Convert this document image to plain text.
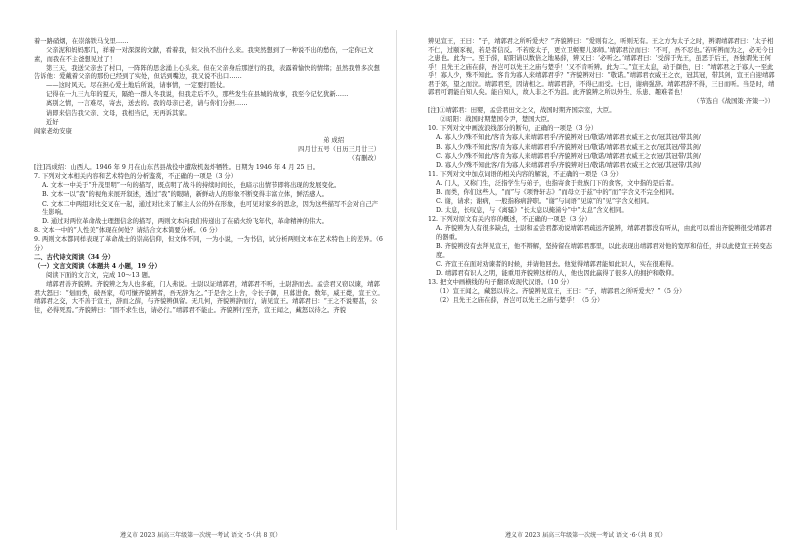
着一路硝烟，在崇落铁马戈里……

父亲泥和妈妈那几，祥着一对深深的文献，看着我，但父执不出什么来。我突然想到了一种说不出的愁伤，一定你已文素，而我在不主爸想见过了！

第三天，我送父亲去了村口，一阵阵的思念涌上心头来。但在父亲身后那逆行的我，表露着愉快的情绪；虽然我曾多次想告诉他：爱戴着父亲的那份已经到了实处，但话到嘴边，我又说不出口……

——这时风天。尽在担心爱土地后所说，请事情，一定要打胜仗。

记得在一九三九年的夏天，隔绝一群人冬我说，但我走后不久，那些发生在县城的故事，我至今记忆犹新……

离别之情，一言难尽，寄去，送去的。我的母亲已老，请与你们分担……

请即来信告我父亲、文母，我相当记，无再诉其家。

近好

阎家老幼安康

弟 成绍

四月廿五号（日历三月廿三）

（有删改）

[注]冯成绍：山西人。1946 年 9 月在山东莒县战役中遭敌机轰炸牺牲。日期为 1946 年 4 月 25 日。

7. 下列对文本相关内容和艺术特色的分析鉴赏，不正确的一项是（3 分）

A. 文本一中关于“升茂里明”一句的描写，既点明了战斗的持续时间长，也暗示出情节即将出现的发展变化。

B. 文本一以“我”的视角来展开叙述，透过“我”的眼睛，新鲜动人的形象不断变得丰富立体，鲜活感人。

C. 文本二中两组对比交叉在一起，通过对比来了解主人公的外在形象，也可见对家乡的思念，因为这些描写不会对自己产生影响。

D. 通过对两位革命战士理想信念的描写，两则文本向我们传递出了在硝火纷飞年代，革命精神的伟大。

8. 文本一中的“人性美”体现在何处？请结合文本简要分析。（6 分）

9. 两则文本都同样表现了革命战士的崇高信仰，但文体不同，一为小说，一为书信，试分析两则文本在艺术特色上的差异。（6 分）

二、古代诗文阅读（34 分）

（一）文言文阅读（本题共 4 小题，19 分）

阅读下面的文言文，完成 10～13 题。

靖郭君善齐貌辨。齐貌辨之为人也多疵，门人弗说。士尉以证靖郭君，靖郭君不听，士尉辞而去。孟尝君又窃以谏，靖郭君大怒曰：“刬而类，破吾家，苟可慊齐貌辨者，吾无辞为之。”于是舍之上舍，令长子御，旦暮进食。数年，威王薨，宣王立。靖郭君之交，大不善于宣王，辞而之薛，与齐貌辨俱留。无几何，齐貌辨辞而行，请见宣王。靖郭君曰：“王之不说婴甚，公往，必得死焉。”齐貌辨曰：“固不求生也，请必行。”靖郭君不能止。齐貌辨行至齐，宣王闻之，藏怒以待之。齐貌

辨见宣王，王曰：“子，靖郭君之所听爱夫？”齐貌辨曰：“爱则有之，听则无有。王之方为太子之时，辨谓靖郭君曰：‘太子相不仁，过颐豕视，若是者信反。不若废太子，更立卫姬婴儿郊师。’靖郭君泣而曰：‘不可，吾不忍也。’若听辨而为之，必无今日之患也。此为一。至于薛，昭阳请以数倍之地易薛，辨又曰：‘必听之。’靖郭君曰：‘受薛于先王，虽恶于后王，吾独谓先王何乎！且先王之庙在薛，吾岂可以先王之庙与楚乎！’又不肯听辨。此为二。”宣王太息，动于颜色，曰：“靖郭君之于寡人一至此乎！寡人少，殊不知此。客肯为寡人来靖郭君乎？”齐貌辨对曰：“敬诺。”靖郭君衣威王之衣，冠其冠，带其剑，宣王自迎靖郭君于郊，望之而泣。靖郭君至，因请相之。靖郭君辞，不得已而受。七日，谢病强辞。靖郭君辞不得，三日而听。当是时，靖郭君可谓能自知人矣。能自知人，故人非之不为沮。此齐貌辨之所以外生、乐患、趣难者也！

（节选自《战国策·齐策一》）

[注]①靖郭君：田婴，孟尝君田文之父，战国时期齐国宗室，大臣。

②昭阳：战国时期楚国令尹，楚国大臣。

10. 下列对文中画波浪线部分的断句，正确的一项是（3 分）

A. 寡人少/殊不知此/客肯为寡人来靖郭君乎/齐貌辨对曰/敬诺/靖郭君衣威王之衣/冠其冠/带其剑/

B. 寡人少/殊不知此客/肯为寡人来靖郭君乎/齐貌辨对曰/敬诺/靖郭君衣威王之衣/冠其冠/带其剑/

C. 寡人少/殊不知此/客肯为寡人来靖郭君乎/齐貌辨对曰/敬诺/靖郭君衣威王之衣冠/其冠带/其剑/

D. 寡人少/殊不知此客/肯为寡人来靖郭君乎/齐貌辨对曰/敬诺/靖郭君衣威王之衣冠/其冠带/其剑/

11. 下列对文中加点词语的相关内容的解说，不正确的一项是（3 分）

A. 门人，又称门生，泛指学生与弟子，也指寄食于贵族门下的食客，文中指的是后者。

B. 而类，你们这些人，“而”与《项脊轩志》“而母立于兹”中的“而”字含义不完全相同。

C. 谢，请求；谢病，一般指称病辞职。“谢”与词语“见谅”的“见”字含义相同。

D. 太息，长叹息，与《离骚》“长太息以掩涕兮”中“太息”含义相同。

12. 下列对原文有关内容的概述，不正确的一项是（3 分）

A. 齐貌辨为人有很多缺点，士尉和孟尝君都劝说靖郭君疏远齐貌辨，靖郭君都没有听从，由此可以看出齐貌辨很受靖郭君的器重。

B. 齐貌辨没有去拜见宣王，他不辩解，坚持留在靖郭君那里，以此表现出靖郭君对他的宽厚和信任，并以此使宣王转变态度。

C. 齐宣王在面对劝谏者的时候，并请他回去。他觉得靖郭君能如此识人，实在很难得。

D. 靖郭君有识人之明，能重用齐貌辨这样的人，他也因此赢得了很多人的拥护和敬仰。

13. 把文中画横线的句子翻译成现代汉语。（10 分）

（1）宣王闻之，藏怒以待之。齐貌辨见宣王，王曰：“子，靖郭君之所听爱夫？”（5 分）

（2）且先王之庙在薛，吾岂可以先王之庙与楚乎！（5 分）

遵义市 2023 届高三年级第一次统一考试 语文 ·5·（共 8 页）	遵义市 2023 届高三年级第一次统一考试 语文 ·6·（共 8 页）
